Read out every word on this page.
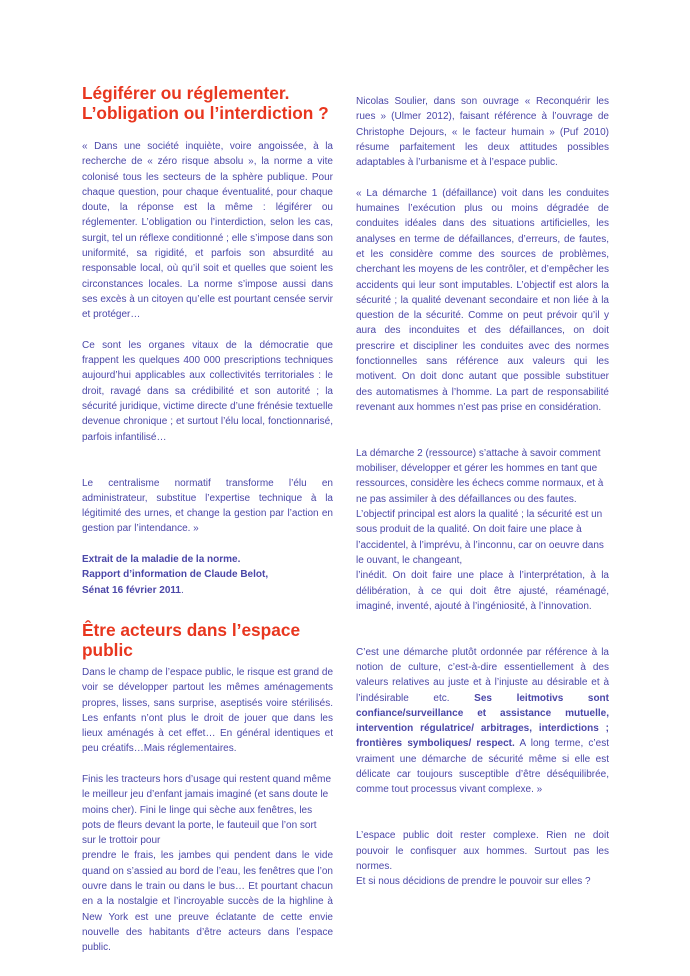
Légiférer ou réglementer.
L’obligation ou l’interdiction ?

« Dans une société inquiète, voire angoissée, à la recherche de « zéro risque absolu », la norme a vite colonisé tous les secteurs de la sphère publique. Pour chaque question, pour chaque éventualité, pour chaque doute, la réponse est la même : légiférer ou réglementer. L’obligation ou l’interdiction, selon les cas, surgit, tel un réflexe conditionné ; elle s’impose dans son uniformité, sa rigidité, et parfois son absurdité au responsable local, où qu’il soit et quelles que soient les circonstances locales. La norme s’impose aussi dans ses excès à un citoyen qu’elle est pourtant censée servir et protéger…

Ce sont les organes vitaux de la démocratie que frappent les quelques 400 000 prescriptions techniques aujourd’hui applicables aux collectivités territoriales : le droit, ravagé dans sa crédibilité et son autorité ; la sécurité juridique, victime directe d’une frénésie textuelle devenue chronique ; et surtout l’élu local, fonctionnarisé, parfois infantilisé…

Le centralisme normatif transforme l’élu en administrateur, substitue l’expertise technique à la légitimité des urnes, et change la gestion par l’action en gestion par l’intendance. »

Extrait de la maladie de la norme.
Rapport d’information de Claude Belot,
Sénat 16 février 2011.

Être acteurs dans l’espace public

Dans le champ de l’espace public, le risque est grand de voir se développer partout les mêmes aménagements propres, lisses, sans surprise, aseptisés voire stérilisés. Les enfants n’ont plus le droit de jouer que dans les lieux aménagés à cet effet… En général identiques et peu créatifs…Mais réglementaires.

Finis les tracteurs hors d’usage qui restent quand même le meilleur jeu d’enfant jamais imaginé (et sans doute le moins cher). Fini le linge qui sèche aux fenêtres, les pots de fleurs devant la porte, le fauteuil que l’on sort sur le trottoir pour

prendre le frais, les jambes qui pendent dans le vide quand on s’assied au bord de l’eau, les fenêtres que l’on ouvre dans le train ou dans le bus… Et pourtant chacun en a la nostalgie et l’incroyable succès de la highline à New York est une preuve éclatante de cette envie nouvelle des habitants d’être acteurs dans l’espace public.

Nicolas Soulier, dans son ouvrage « Reconquérir les rues » (Ulmer 2012), faisant référence à l’ouvrage de Christophe Dejours, « le facteur humain » (Puf 2010) résume parfaitement les deux attitudes possibles adaptables à l’urbanisme et à l’espace public.

« La démarche 1 (défaillance) voit dans les conduites humaines l’exécution plus ou moins dégradée de conduites idéales dans des situations artificielles, les analyses en terme de défaillances, d’erreurs, de fautes, et les considère comme des sources de problèmes, cherchant les moyens de les contrôler, et d’empêcher les accidents qui leur sont imputables. L’objectif est alors la sécurité ; la qualité devenant secondaire et non liée à la question de la sécurité. Comme on peut prévoir qu’il y aura des inconduites et des défaillances, on doit prescrire et discipliner les conduites avec des normes fonctionnelles sans référence aux valeurs qui les motivent. On doit donc autant que possible substituer des automatismes à l’homme. La part de responsabilité revenant aux hommes n’est pas prise en considération.

La démarche 2 (ressource) s’attache à savoir comment mobiliser, développer et gérer les hommes en tant que ressources, considère les échecs comme normaux, et à ne pas assimiler à des défaillances ou des fautes. L’objectif principal est alors la qualité ; la sécurité est un sous produit de la qualité. On doit faire une place à l’accidentel, à l’imprévu, à l’inconnu, car on oeuvre dans le ouvant, le changeant,

l’inédit. On doit faire une place à l’interprétation, à la délibération, à ce qui doit être ajusté, réaménagé, imaginé, inventé, ajouté à l’ingéniosité, à l’innovation.

C’est une démarche plutôt ordonnée par référence à la notion de culture, c’est-à-dire essentiellement à des valeurs relatives au juste et à l’injuste au désirable et à l’indésirable etc. Ses leitmotivs sont confiance/surveillance et assistance mutuelle, intervention régulatrice/ arbitrages, interdictions ; frontières symboliques/ respect. A long terme, c’est vraiment une démarche de sécurité même si elle est délicate car toujours susceptible d’être déséquilibrée, comme tout processus vivant complexe. »

L’espace public doit rester complexe. Rien ne doit pouvoir le confisquer aux hommes. Surtout pas les normes.

Et si nous décidions de prendre le pouvoir sur elles ?
